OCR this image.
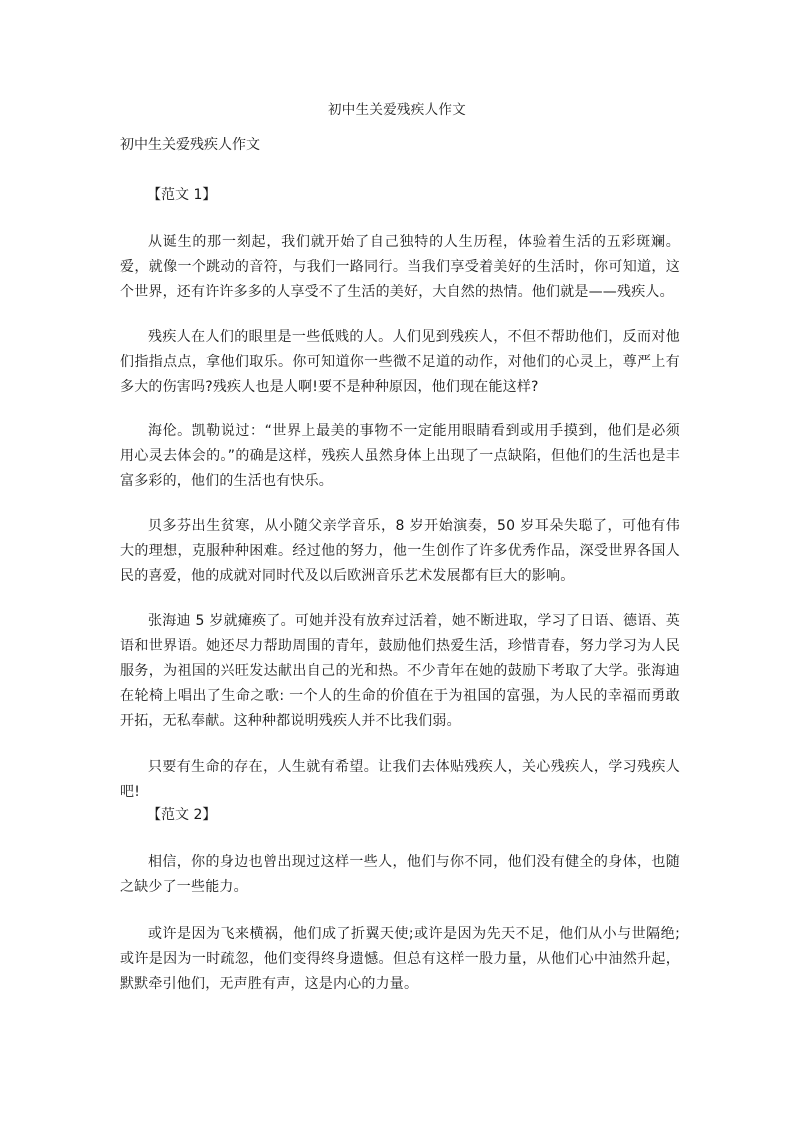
初中生关爱残疾人作文
初中生关爱残疾人作文
【范文 1】

从诞生的那一刻起，我们就开始了自己独特的人生历程，体验着生活的五彩斑斓。爱，就像一个跳动的音符，与我们一路同行。当我们享受着美好的生活时，你可知道，这个世界，还有许许多多的人享受不了生活的美好，大自然的热情。他们就是——残疾人。

残疾人在人们的眼里是一些低贱的人。人们见到残疾人，不但不帮助他们，反而对他们指指点点，拿他们取乐。你可知道你一些微不足道的动作，对他们的心灵上，尊严上有多大的伤害吗?残疾人也是人啊!要不是种种原因，他们现在能这样?

海伦。凯勒说过：“世界上最美的事物不一定能用眼睛看到或用手摸到，他们是必须用心灵去体会的。”的确是这样，残疾人虽然身体上出现了一点缺陷，但他们的生活也是丰富多彩的，他们的生活也有快乐。

贝多芬出生贫寒，从小随父亲学音乐，8 岁开始演奏，50 岁耳朵失聪了，可他有伟大的理想，克服种种困难。经过他的努力，他一生创作了许多优秀作品，深受世界各国人民的喜爱，他的成就对同时代及以后欧洲音乐艺术发展都有巨大的影响。

张海迪 5 岁就瘫痪了。可她并没有放弃过活着，她不断进取，学习了日语、德语、英语和世界语。她还尽力帮助周围的青年，鼓励他们热爱生活，珍惜青春，努力学习为人民服务，为祖国的兴旺发达献出自己的光和热。不少青年在她的鼓励下考取了大学。张海迪在轮椅上唱出了生命之歌: 一个人的生命的价值在于为祖国的富强，为人民的幸福而勇敢开拓，无私奉献。这种种都说明残疾人并不比我们弱。

只要有生命的存在，人生就有希望。让我们去体贴残疾人，关心残疾人，学习残疾人吧!

【范文 2】

相信，你的身边也曾出现过这样一些人，他们与你不同，他们没有健全的身体，也随之缺少了一些能力。

或许是因为飞来横祸，他们成了折翼天使;或许是因为先天不足，他们从小与世隔绝;或许是因为一时疏忽，他们变得终身遗憾。但总有这样一股力量，从他们心中油然升起，默默牵引他们，无声胜有声，这是内心的力量。
